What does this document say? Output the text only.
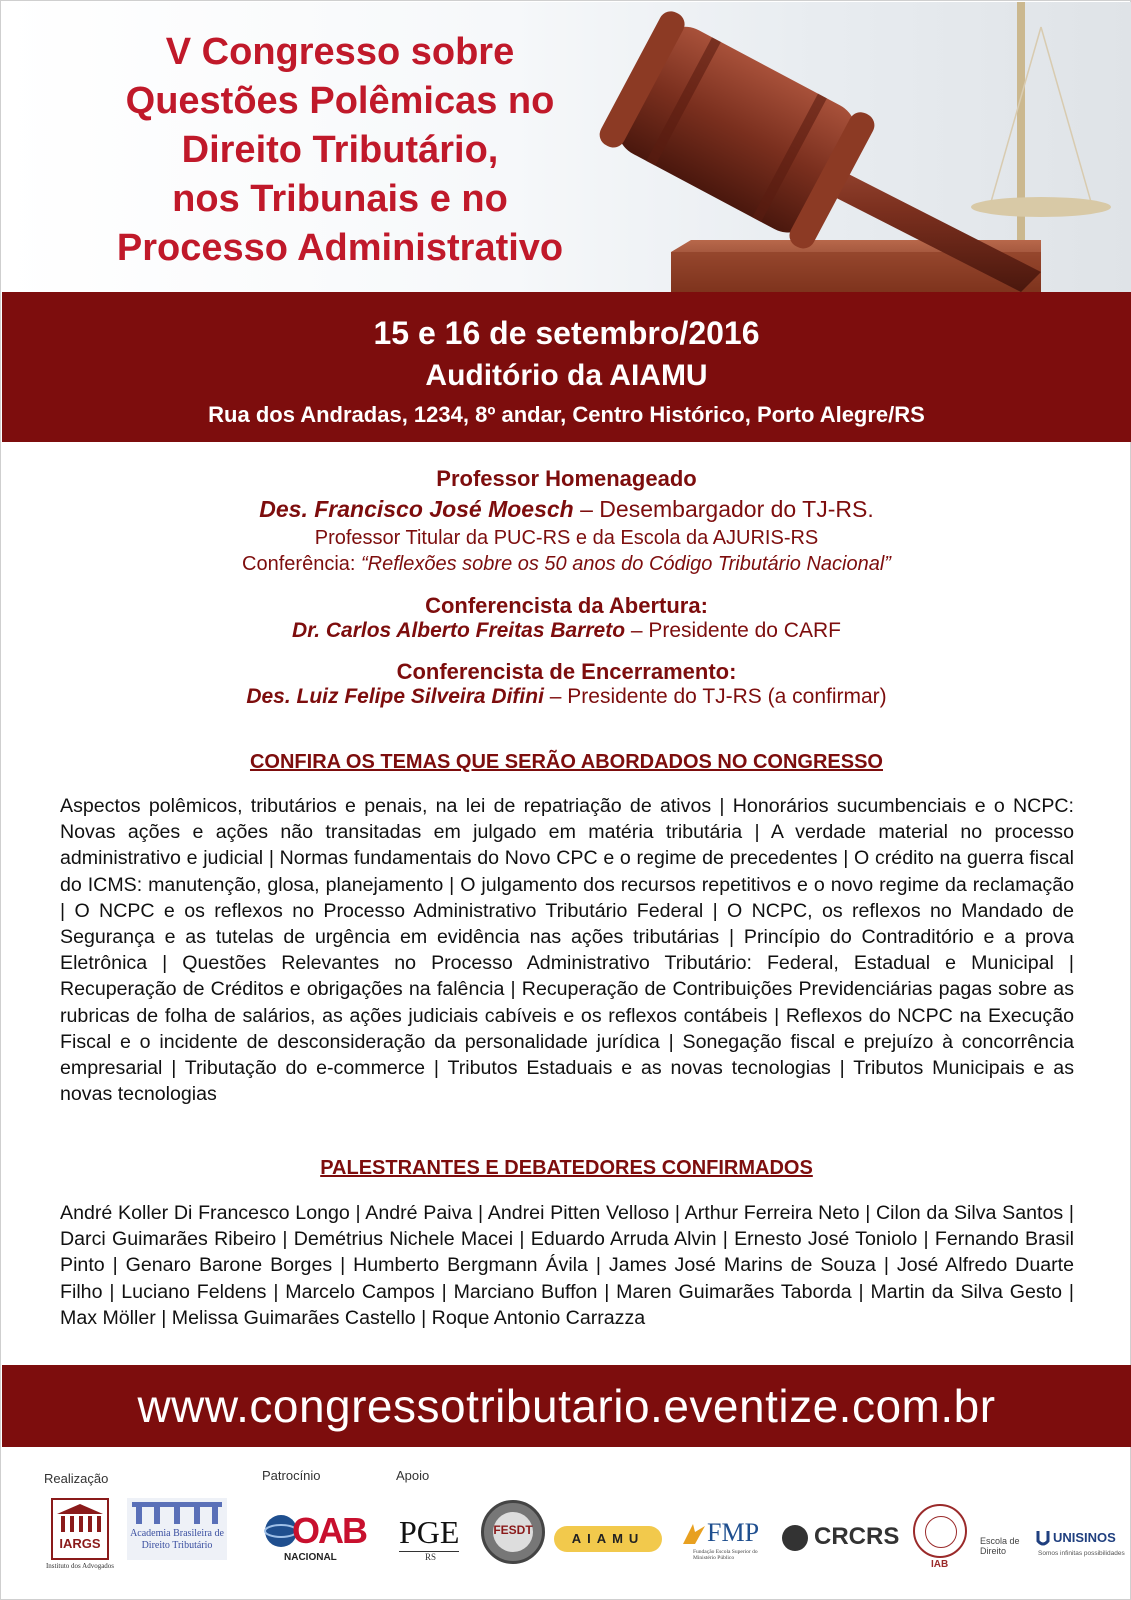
V Congresso sobre
Questões Polêmicas no
Direito Tributário,
nos Tribunais e no
Processo Administrativo
15 e 16 de setembro/2016
Auditório da AIAMU
Rua dos Andradas, 1234, 8º andar, Centro Histórico, Porto Alegre/RS
Professor Homenageado
Des. Francisco José Moesch – Desembargador do TJ-RS.
Professor Titular da PUC-RS e da Escola da AJURIS-RS
Conferência: “Reflexões sobre os 50 anos do Código Tributário Nacional”
Conferencista da Abertura:
Dr. Carlos Alberto Freitas Barreto – Presidente do CARF
Conferencista de Encerramento:
Des. Luiz Felipe Silveira Difini – Presidente do TJ-RS (a confirmar)
CONFIRA OS TEMAS QUE SERÃO ABORDADOS NO CONGRESSO
Aspectos polêmicos, tributários e penais, na lei de repatriação de ativos | Honorários sucumbenciais e o NCPC: Novas ações e ações não transitadas em julgado em matéria tributária | A verdade material no processo administrativo e judicial | Normas fundamentais do Novo CPC e o regime de precedentes | O crédito na guerra fiscal do ICMS: manutenção, glosa, planejamento | O julgamento dos recursos repetitivos e o novo regime da reclamação | O NCPC e os reflexos no Processo Administrativo Tributário Federal | O NCPC, os reflexos no Mandado de Segurança e as tutelas de urgência em evidência nas ações tributárias | Princípio do Contraditório e a prova Eletrônica | Questões Relevantes no Processo Administrativo Tributário: Federal, Estadual e Municipal | Recuperação de Créditos e obrigações na falência | Recuperação de Contribuições Previdenciárias pagas sobre as rubricas de folha de salários, as ações judiciais cabíveis e os reflexos contábeis | Reflexos do NCPC na Execução Fiscal e o incidente de desconsideração da personalidade jurídica | Sonegação fiscal e prejuízo à concorrência empresarial | Tributação do e-commerce | Tributos Estaduais e as novas tecnologias | Tributos Municipais e as novas tecnologias
PALESTRANTES E DEBATEDORES CONFIRMADOS
André Koller Di Francesco Longo | André Paiva | Andrei Pitten Velloso | Arthur Ferreira Neto | Cilon da Silva Santos | Darci Guimarães Ribeiro | Demétrius Nichele Macei | Eduardo Arruda Alvin | Ernesto José Toniolo | Fernando Brasil Pinto | Genaro Barone Borges | Humberto Bergmann Ávila | James José Marins de Souza | José Alfredo Duarte Filho | Luciano Feldens | Marcelo Campos | Marciano Buffon | Maren Guimarães Taborda | Martin da Silva Gesto | Max Möller | Melissa Guimarães Castello | Roque Antonio Carrazza
www.congressotributario.eventize.com.br
Realização	Patrocínio	Apoio
IARGS
Instituto dos Advogados
Academia Brasileira de Direito Tributário	OAB
NACIONAL
PGE
RS
FESDT
AIAMU	FMP
Fundação Escola Superior do Ministério Público
CRCRS
IAB
Escola de Direito
UNISINOS
Somos infinitas possibilidades
